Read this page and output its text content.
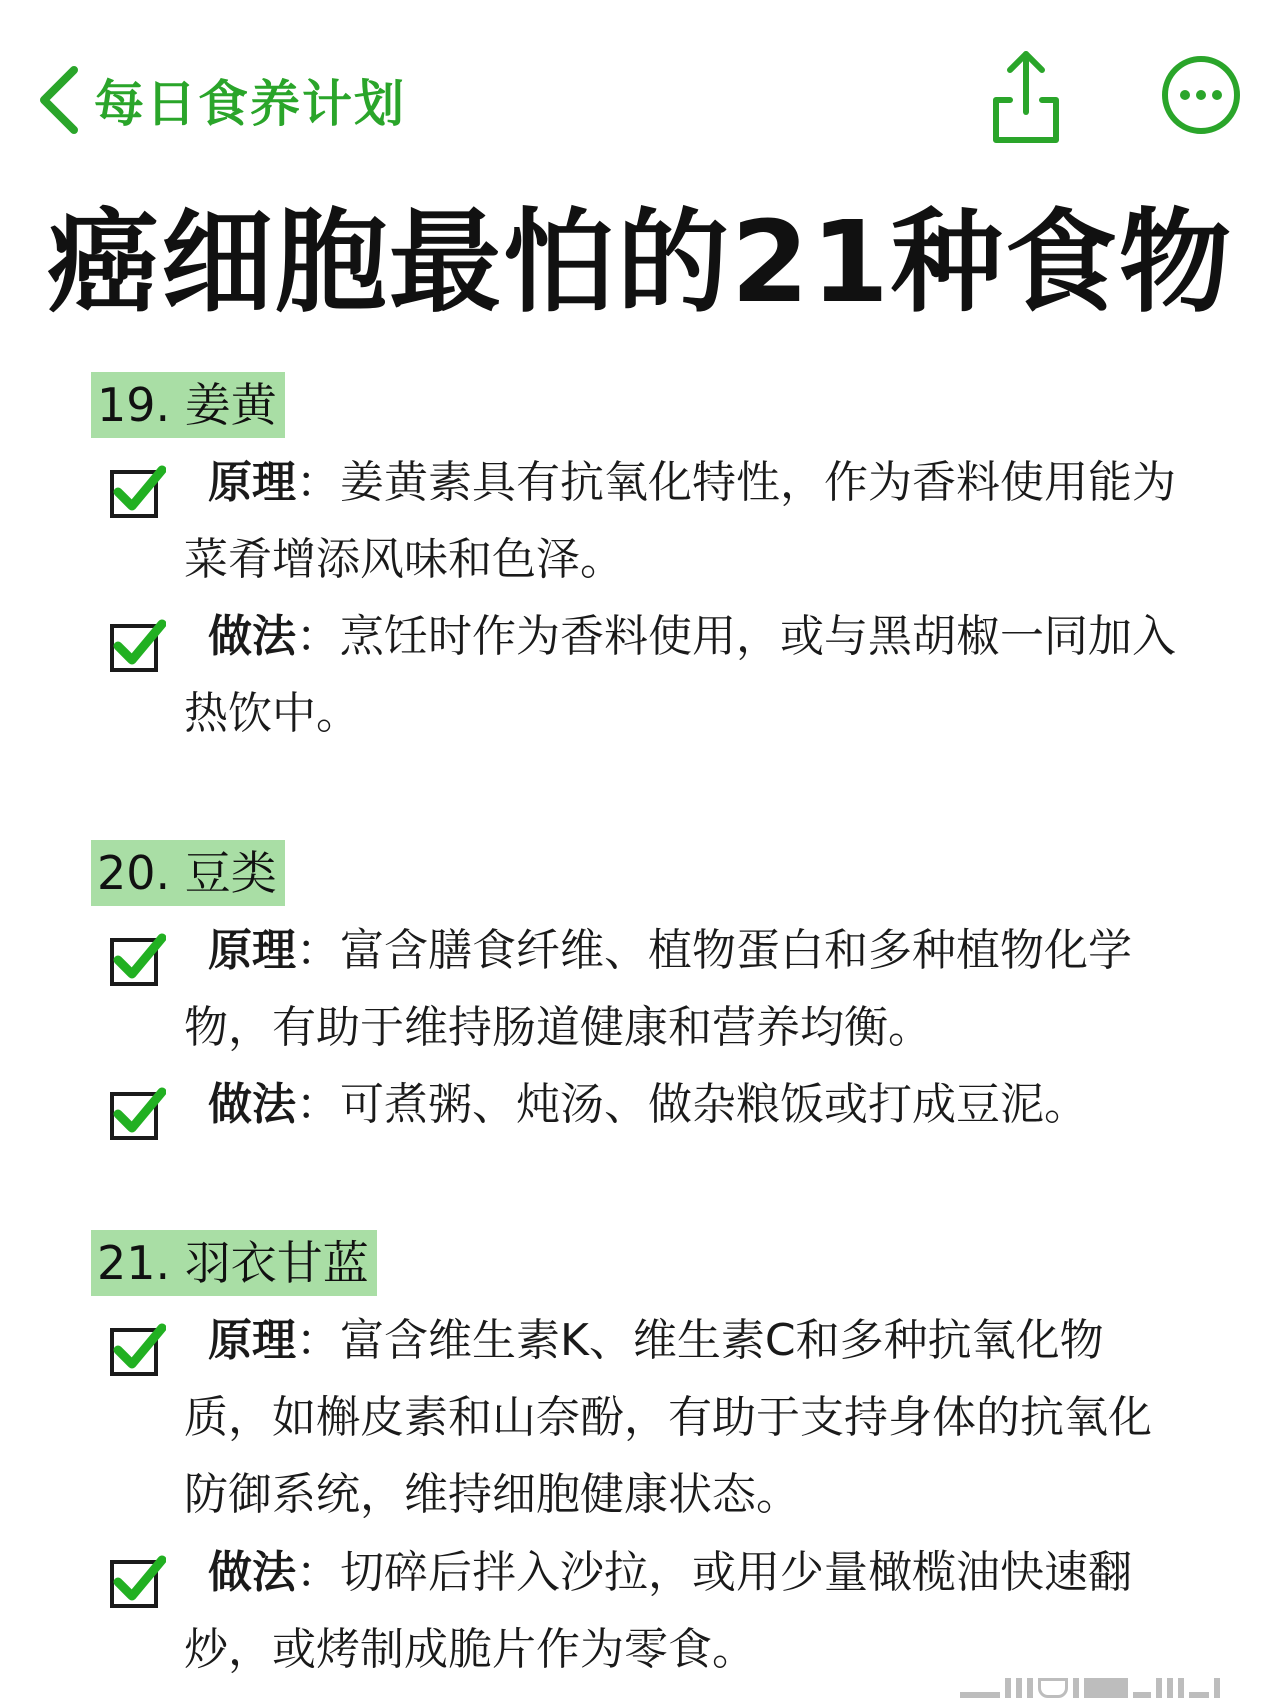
每日食养计划
癌细胞最怕的21种食物
19. 姜黄
原理：姜黄素具有抗氧化特性，作为香料使用能为
菜肴增添风味和色泽。
做法：烹饪时作为香料使用，或与黑胡椒一同加入
热饮中。
20. 豆类
原理：富含膳食纤维、植物蛋白和多种植物化学
物，有助于维持肠道健康和营养均衡。
做法：可煮粥、炖汤、做杂粮饭或打成豆泥。
21. 羽衣甘蓝
原理：富含维生素K、维生素C和多种抗氧化物
质，如槲皮素和山奈酚，有助于支持身体的抗氧化
防御系统，维持细胞健康状态。
做法：切碎后拌入沙拉，或用少量橄榄油快速翻
炒，或烤制成脆片作为零食。
